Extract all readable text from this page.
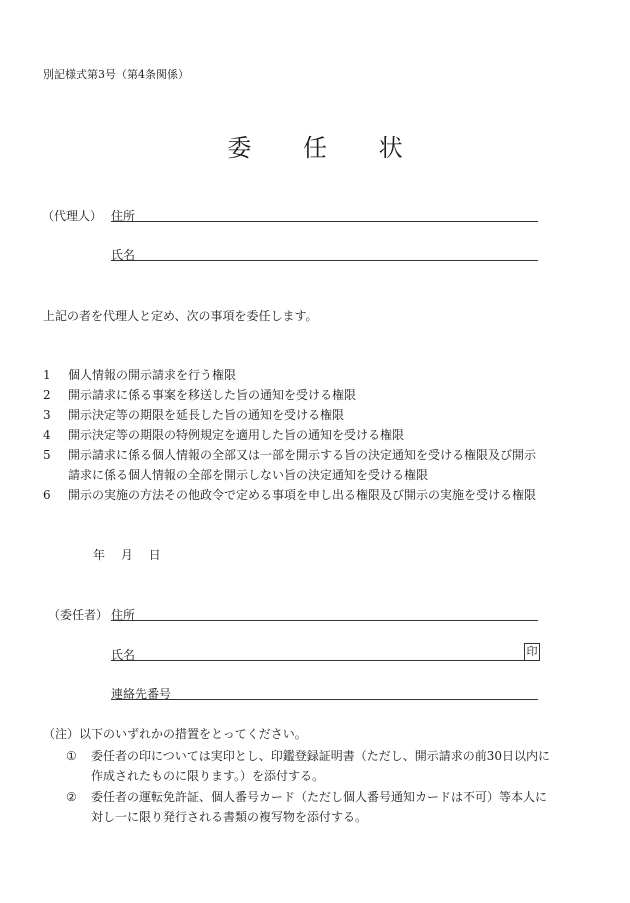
別記様式第3号（第4条関係）
委 任 状
（代理人） 住所
氏名
上記の者を代理人と定め、次の事項を委任します。
1 個人情報の開示請求を行う権限
2 開示請求に係る事案を移送した旨の通知を受ける権限
3 開示決定等の期限を延長した旨の通知を受ける権限
4 開示決定等の期限の特例規定を適用した旨の通知を受ける権限
5 開示請求に係る個人情報の全部又は一部を開示する旨の決定通知を受ける権限及び開示
請求に係る個人情報の全部を開示しない旨の決定通知を受ける権限
6 開示の実施の方法その他政令で定める事項を申し出る権限及び開示の実施を受ける権限
年 月 日
（委任者） 住所
氏名	印
連絡先番号
（注）以下のいずれかの措置をとってください。
① 委任者の印については実印とし、印鑑登録証明書（ただし、開示請求の前30日以内に
作成されたものに限ります。）を添付する。
② 委任者の運転免許証、個人番号カード（ただし個人番号通知カードは不可）等本人に
対し一に限り発行される書類の複写物を添付する。
